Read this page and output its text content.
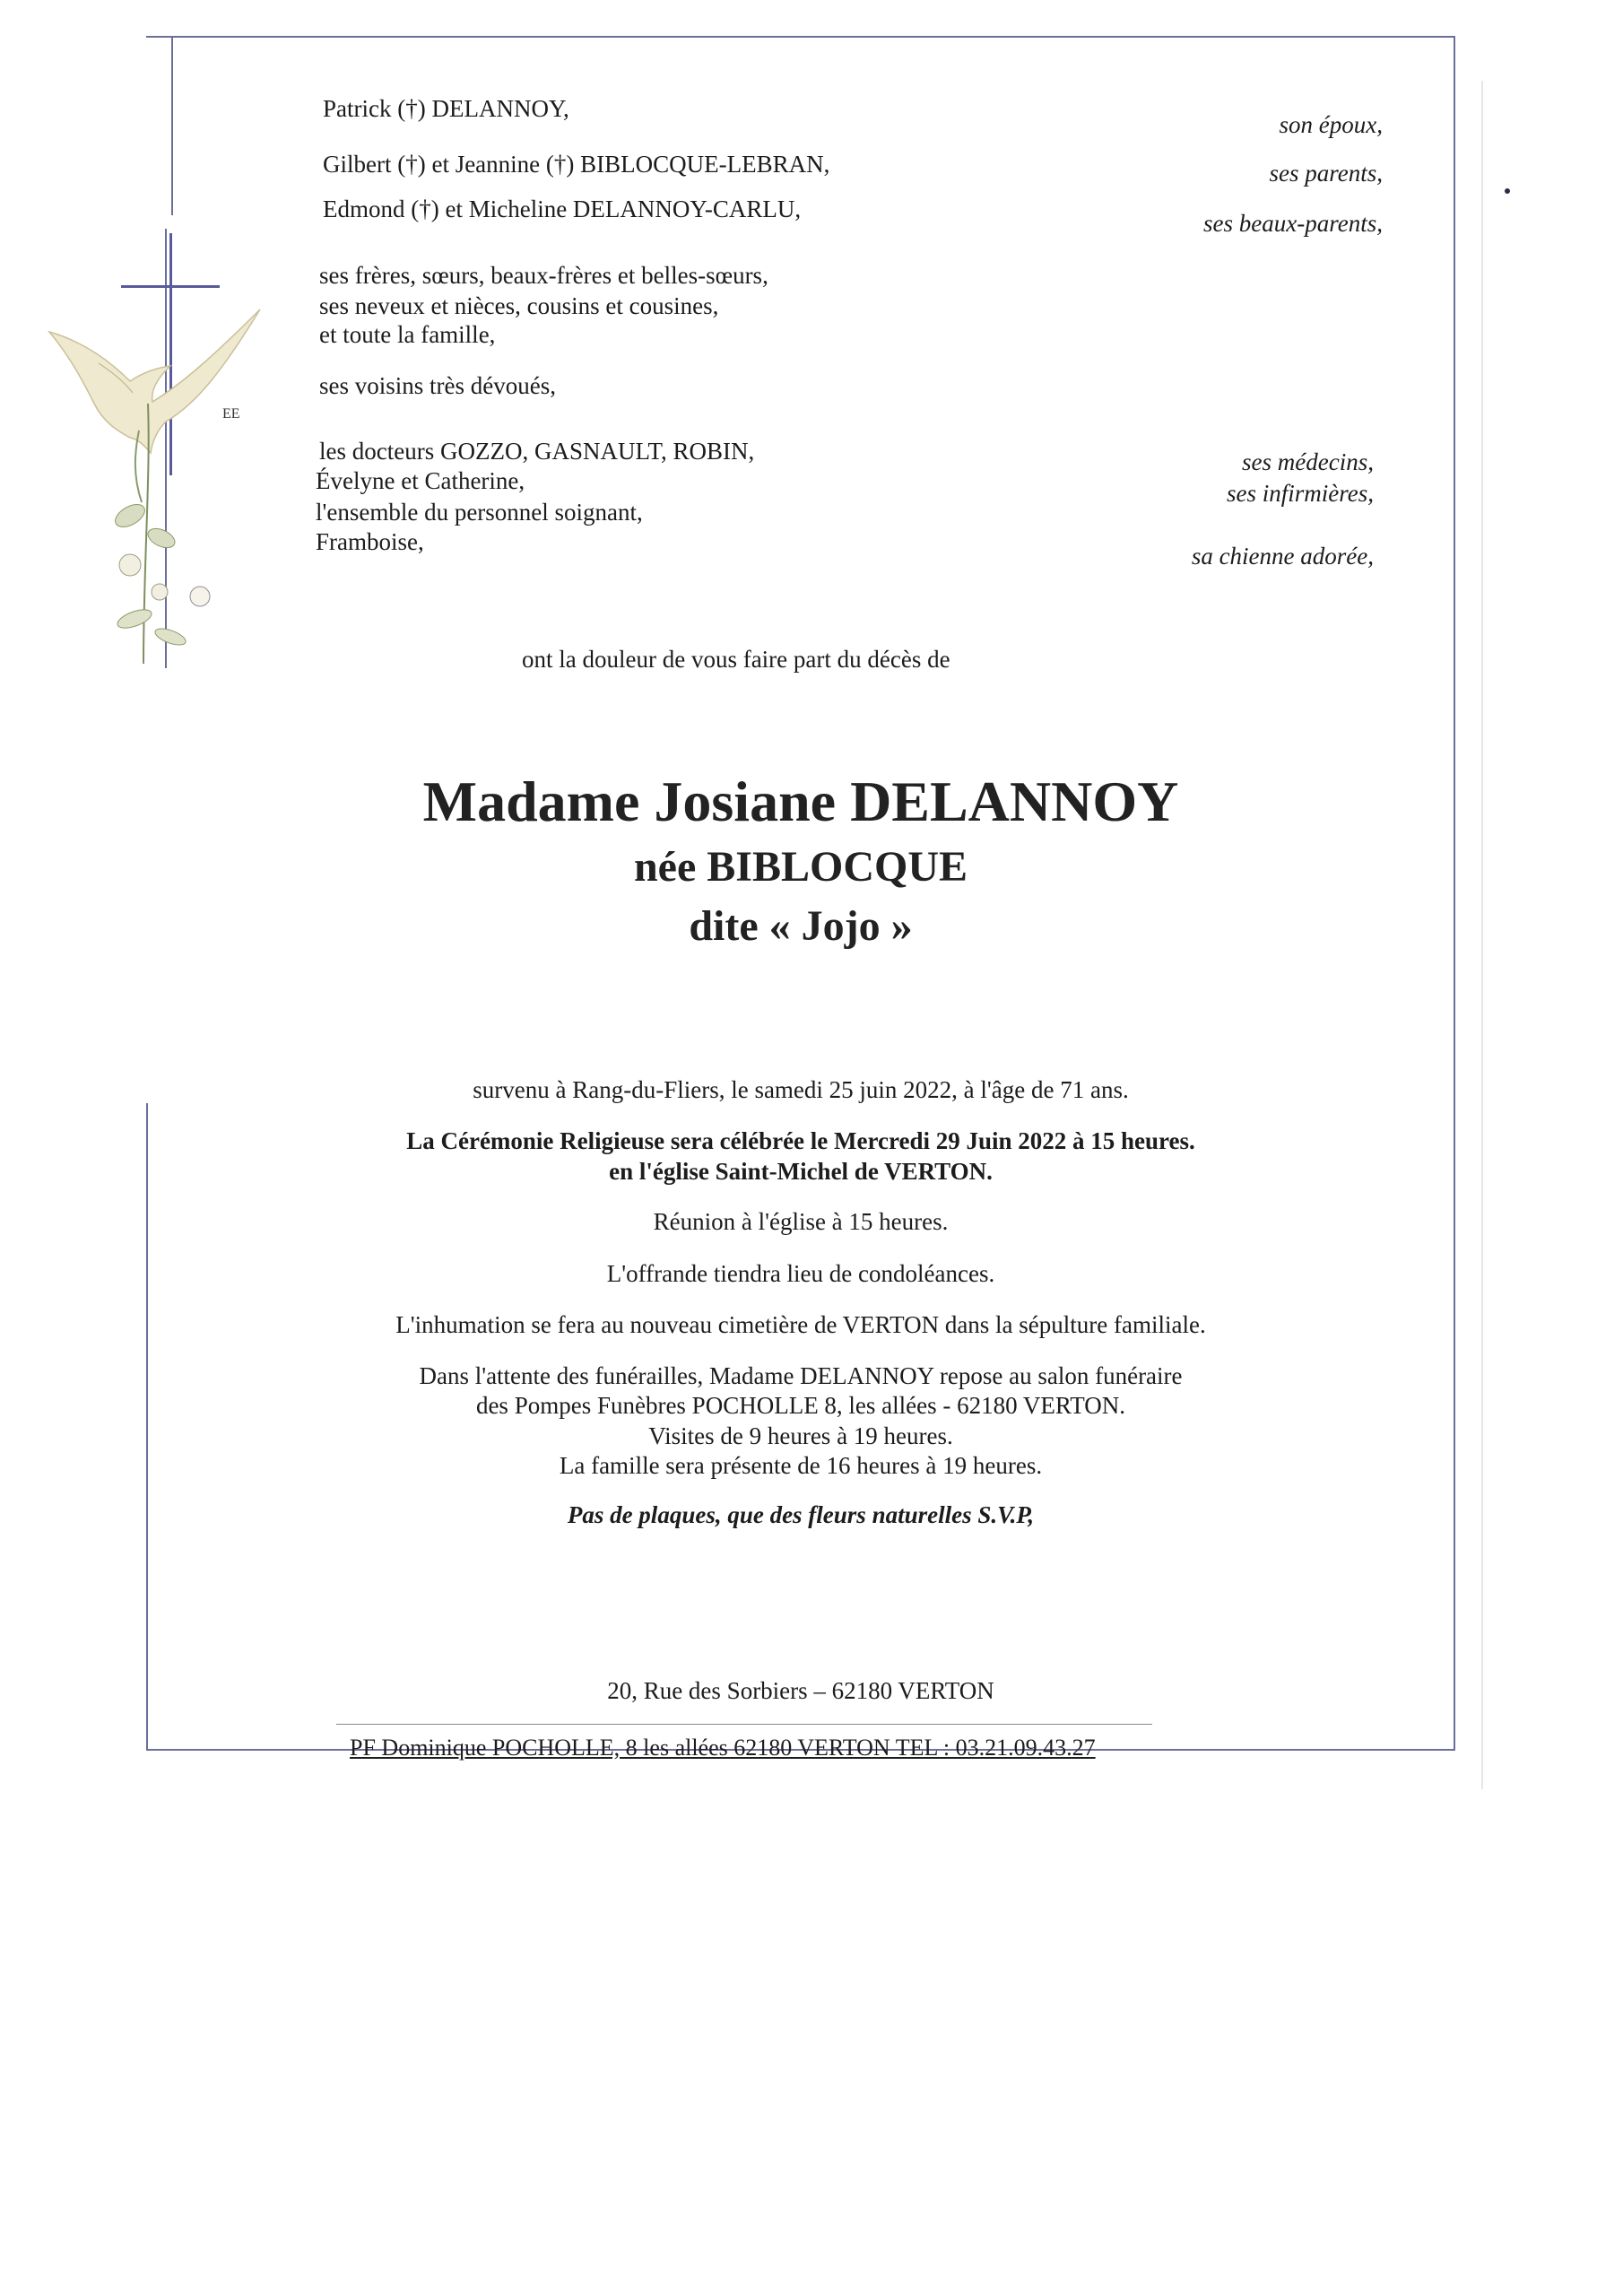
EE
Patrick (†) DELANNOY,
Gilbert (†) et Jeannine (†) BIBLOCQUE-LEBRAN,
Edmond (†) et Micheline DELANNOY-CARLU,
ses frères, sœurs, beaux-frères et belles-sœurs,
ses neveux et nièces, cousins et cousines,
et toute la famille,
ses voisins très dévoués,
les docteurs GOZZO, GASNAULT, ROBIN,
Évelyne et Catherine,
l'ensemble du personnel soignant,
Framboise,
son époux,
ses parents,
ses beaux-parents,
ses médecins,
ses infirmières,
sa chienne adorée,
ont la douleur de vous faire part du décès de
Madame Josiane DELANNOY
née BIBLOCQUE
dite « Jojo »
survenu à Rang-du-Fliers, le samedi 25 juin 2022, à l'âge de 71 ans.
La Cérémonie Religieuse sera célébrée le Mercredi 29 Juin 2022 à 15 heures.
en l'église Saint-Michel de VERTON.
Réunion à l'église à 15 heures.
L'offrande tiendra lieu de condoléances.
L'inhumation se fera au nouveau cimetière de VERTON dans la sépulture familiale.
Dans l'attente des funérailles, Madame DELANNOY repose au salon funéraire
des Pompes Funèbres POCHOLLE 8, les allées - 62180 VERTON.
Visites de 9 heures à 19 heures.
La famille sera présente de 16 heures à 19 heures.
Pas de plaques, que des fleurs naturelles S.V.P,
20, Rue des Sorbiers – 62180 VERTON
PF Dominique POCHOLLE, 8 les allées 62180 VERTON TEL : 03.21.09.43.27
